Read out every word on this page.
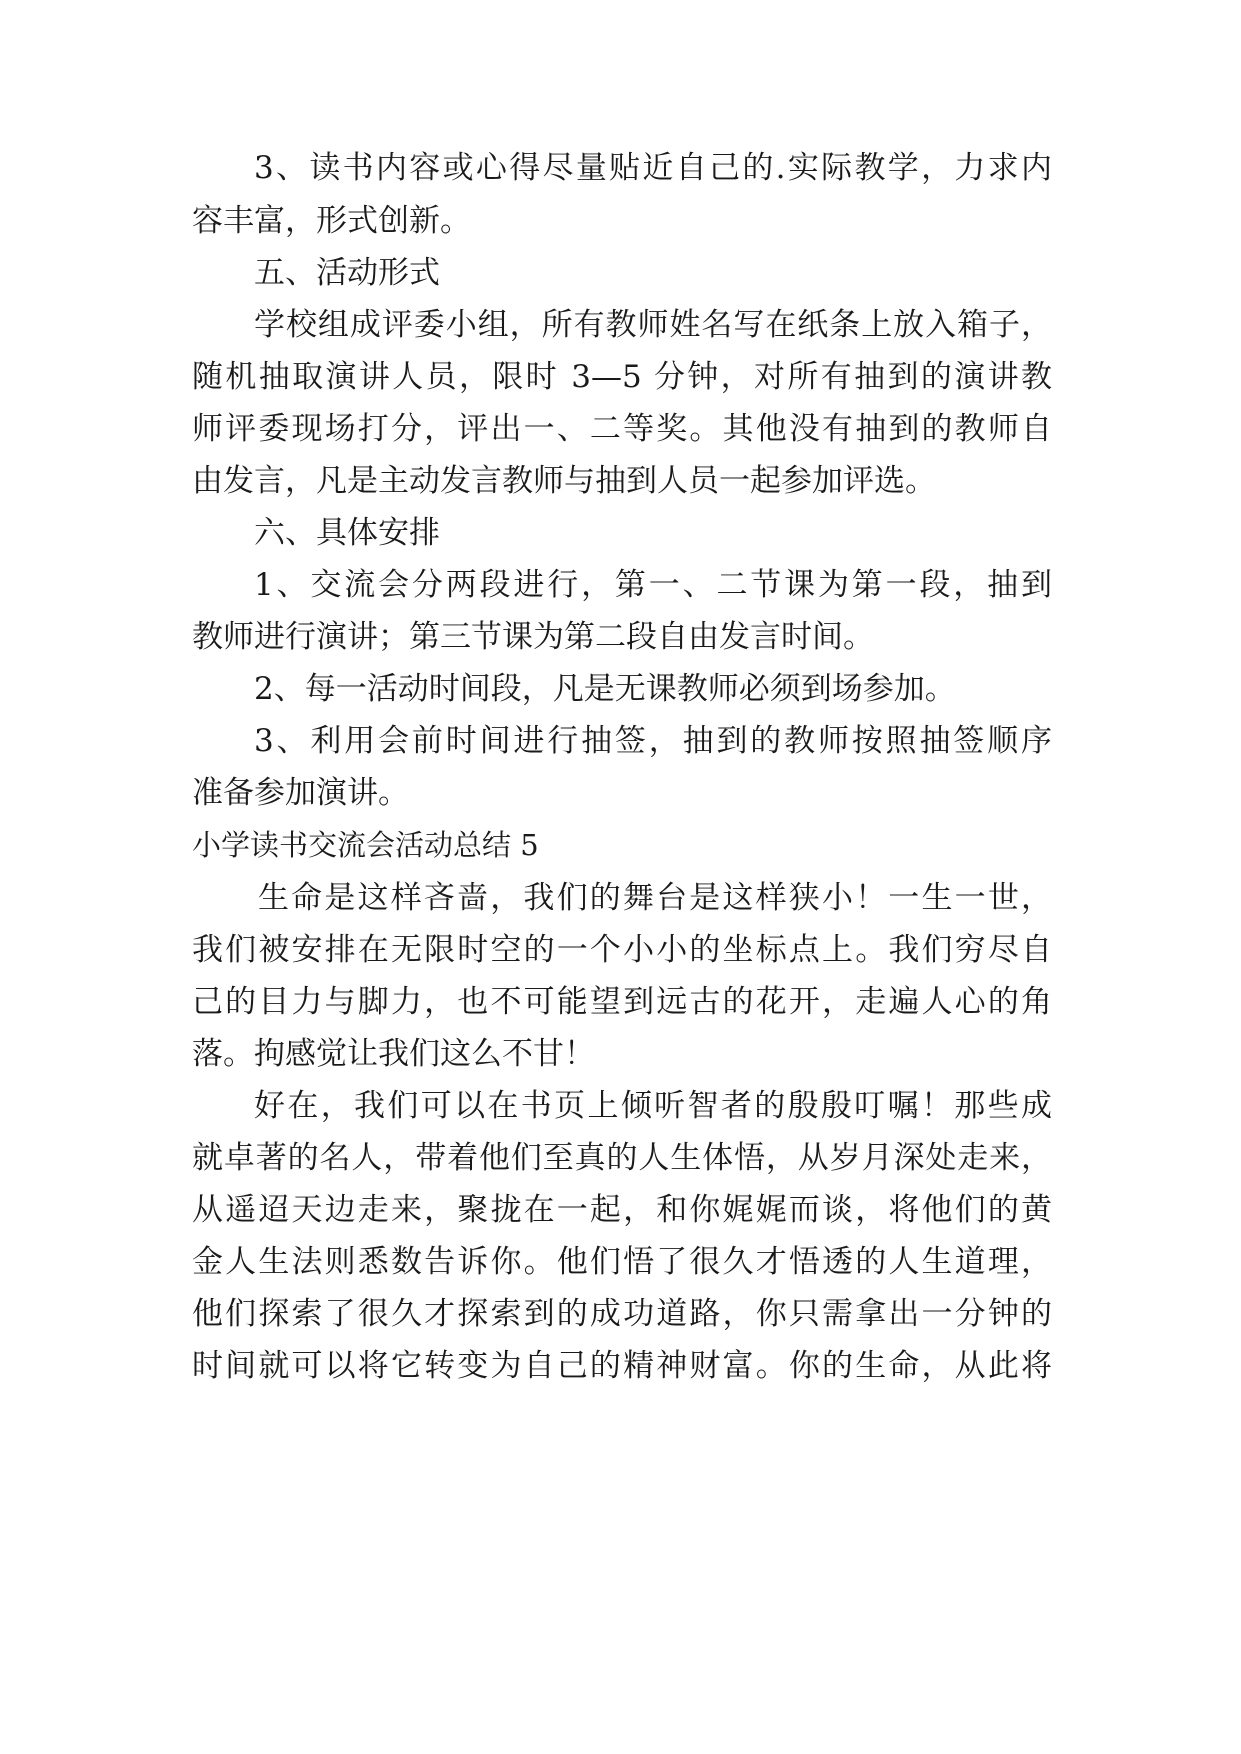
3、读书内容或心得尽量贴近自己的.实际教学，力求内
容丰富，形式创新。
五、活动形式
学校组成评委小组，所有教师姓名写在纸条上放入箱子，
随机抽取演讲人员，限时 3—5 分钟，对所有抽到的演讲教
师评委现场打分，评出一、二等奖。其他没有抽到的教师自
由发言，凡是主动发言教师与抽到人员一起参加评选。
六、具体安排
1、交流会分两段进行，第一、二节课为第一段，抽到
教师进行演讲；第三节课为第二段自由发言时间。
2、每一活动时间段，凡是无课教师必须到场参加。
3、利用会前时间进行抽签，抽到的教师按照抽签顺序
准备参加演讲。
小学读书交流会活动总结 5
生命是这样吝啬，我们的舞台是这样狭小！一生一世，
我们被安排在无限时空的一个小小的坐标点上。我们穷尽自
己的目力与脚力，也不可能望到远古的花开，走遍人心的角
落。拘感觉让我们这么不甘！
好在，我们可以在书页上倾听智者的殷殷叮嘱！那些成
就卓著的名人，带着他们至真的人生体悟，从岁月深处走来，
从遥迢天边走来，聚拢在一起，和你娓娓而谈，将他们的黄
金人生法则悉数告诉你。他们悟了很久才悟透的人生道理，
他们探索了很久才探索到的成功道路，你只需拿出一分钟的
时间就可以将它转变为自己的精神财富。你的生命，从此将
